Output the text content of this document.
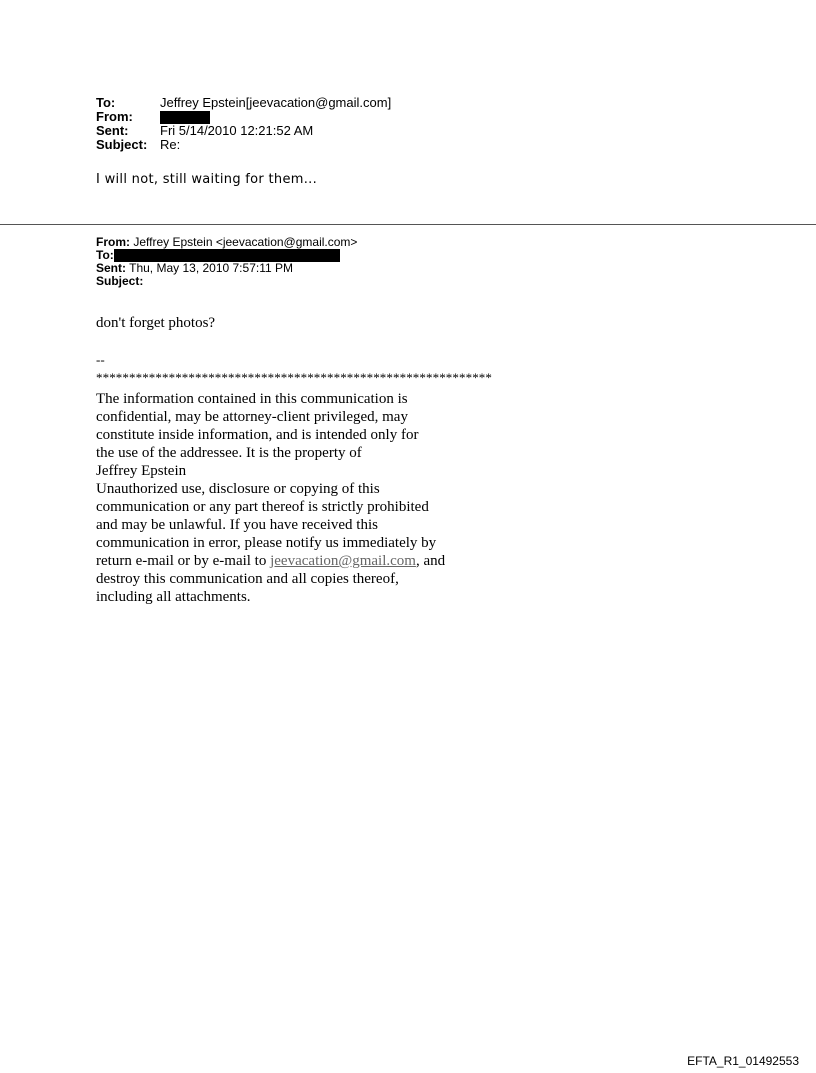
To:	Jeffrey Epstein[jeevacation@gmail.com]
From:
Sent:	Fri 5/14/2010 12:21:52 AM
Subject: Re:
I will not, still waiting for them...
From: Jeffrey Epstein <jeevacation@gmail.com>
To:
Sent: Thu, May 13, 2010 7:57:11 PM
Subject:
don't forget photos?
--
************************************************************
The information contained in this communication is
confidential, may be attorney-client privileged, may
constitute inside information, and is intended only for
the use of the addressee. It is the property of
Jeffrey Epstein
Unauthorized use, disclosure or copying of this
communication or any part thereof is strictly prohibited
and may be unlawful. If you have received this
communication in error, please notify us immediately by
return e-mail or by e-mail to jeevacation@gmail.com, and
destroy this communication and all copies thereof,
including all attachments.
EFTA_R1_01492553
